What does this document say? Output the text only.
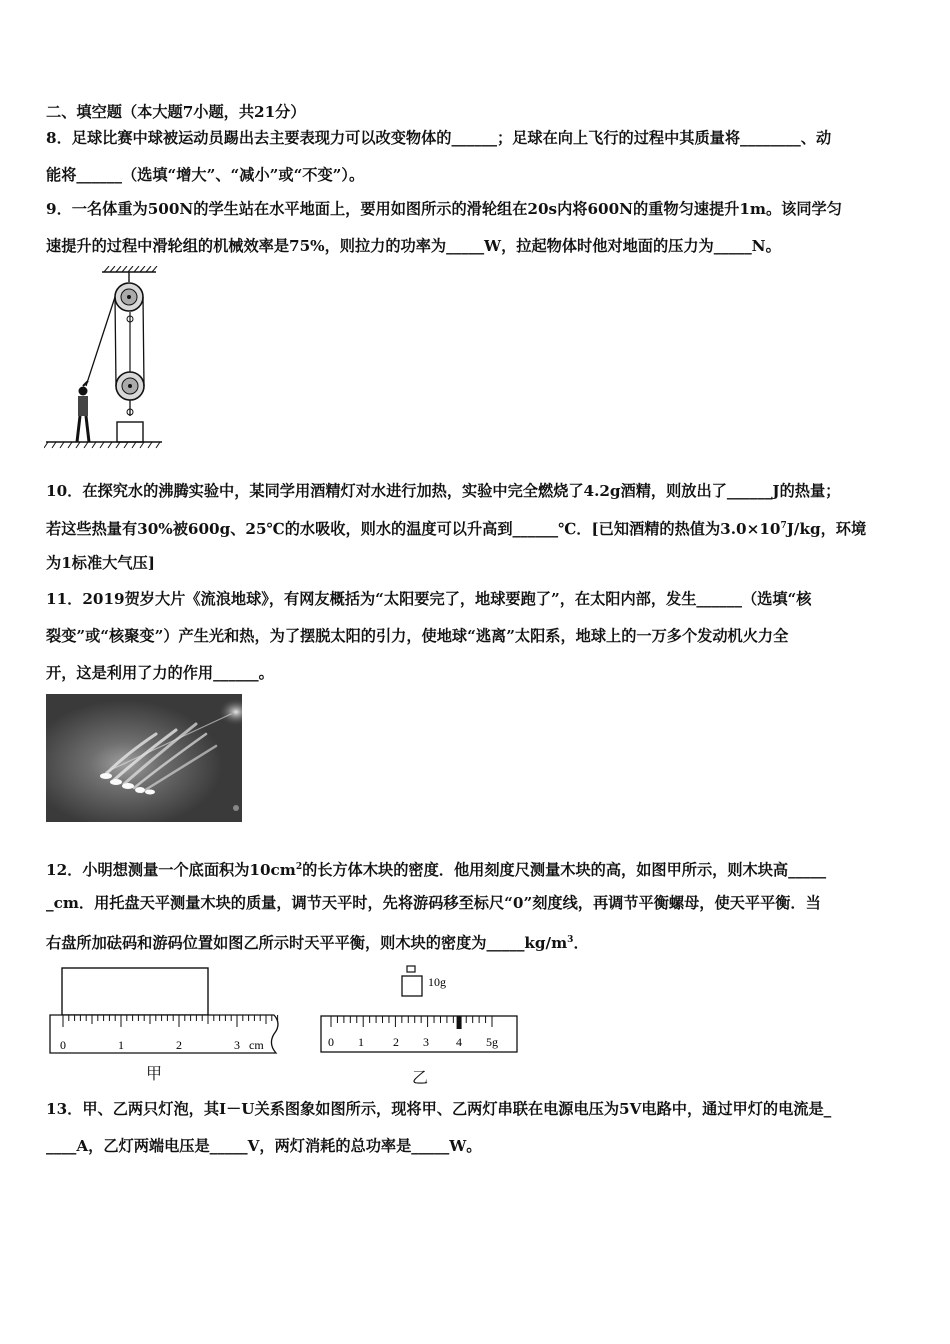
二、填空题（本大题7小题，共21分）
8．足球比赛中球被运动员踢出去主要表现力可以改变物体的______；足球在向上飞行的过程中其质量将________、动
能将______（选填“增大”、“减小”或“不变”）。
9．一名体重为500N的学生站在水平地面上，要用如图所示的滑轮组在20s内将600N的重物匀速提升1m。该同学匀
速提升的过程中滑轮组的机械效率是75%，则拉力的功率为_____W，拉起物体时他对地面的压力为_____N。
10．在探究水的沸腾实验中，某同学用酒精灯对水进行加热，实验中完全燃烧了4.2g酒精，则放出了______J的热量；
若这些热量有30%被600g、25℃的水吸收，则水的温度可以升高到______℃．[已知酒精的热值为$3.0\times 10^7J/kg$，环境
为1标准大气压]
11．2019贺岁大片《流浪地球》，有网友概括为“太阳要完了，地球要跑了”，在太阳内部，发生______（选填“核
裂变”或“核聚变”）产生光和热，为了摆脱太阳的引力，使地球“逃离”太阳系，地球上的一万多个发动机火力全
开，这是利用了力的作用______。
12．小明想测量一个底面积为$10cm^2$的长方体木块的密度．他用刻度尺测量木块的高，如图甲所示，则木块高_____
_cm．用托盘天平测量木块的质量，调节天平时，先将游码移至标尺“0”刻度线，再调节平衡螺母，使天平平衡．当
右盘所加砝码和游码位置如图乙所示时天平平衡，则木块的密度为$\_\_\_\_\_kg/m^3$．
0	1	2	3 cm
甲
10g
0 1 2 3 4 5g
乙
13．甲、乙两只灯泡，其I－U关系图象如图所示，现将甲、乙两灯串联在电源电压为5V电路中，通过甲灯的电流是_
____A，乙灯两端电压是_____V，两灯消耗的总功率是_____W。
